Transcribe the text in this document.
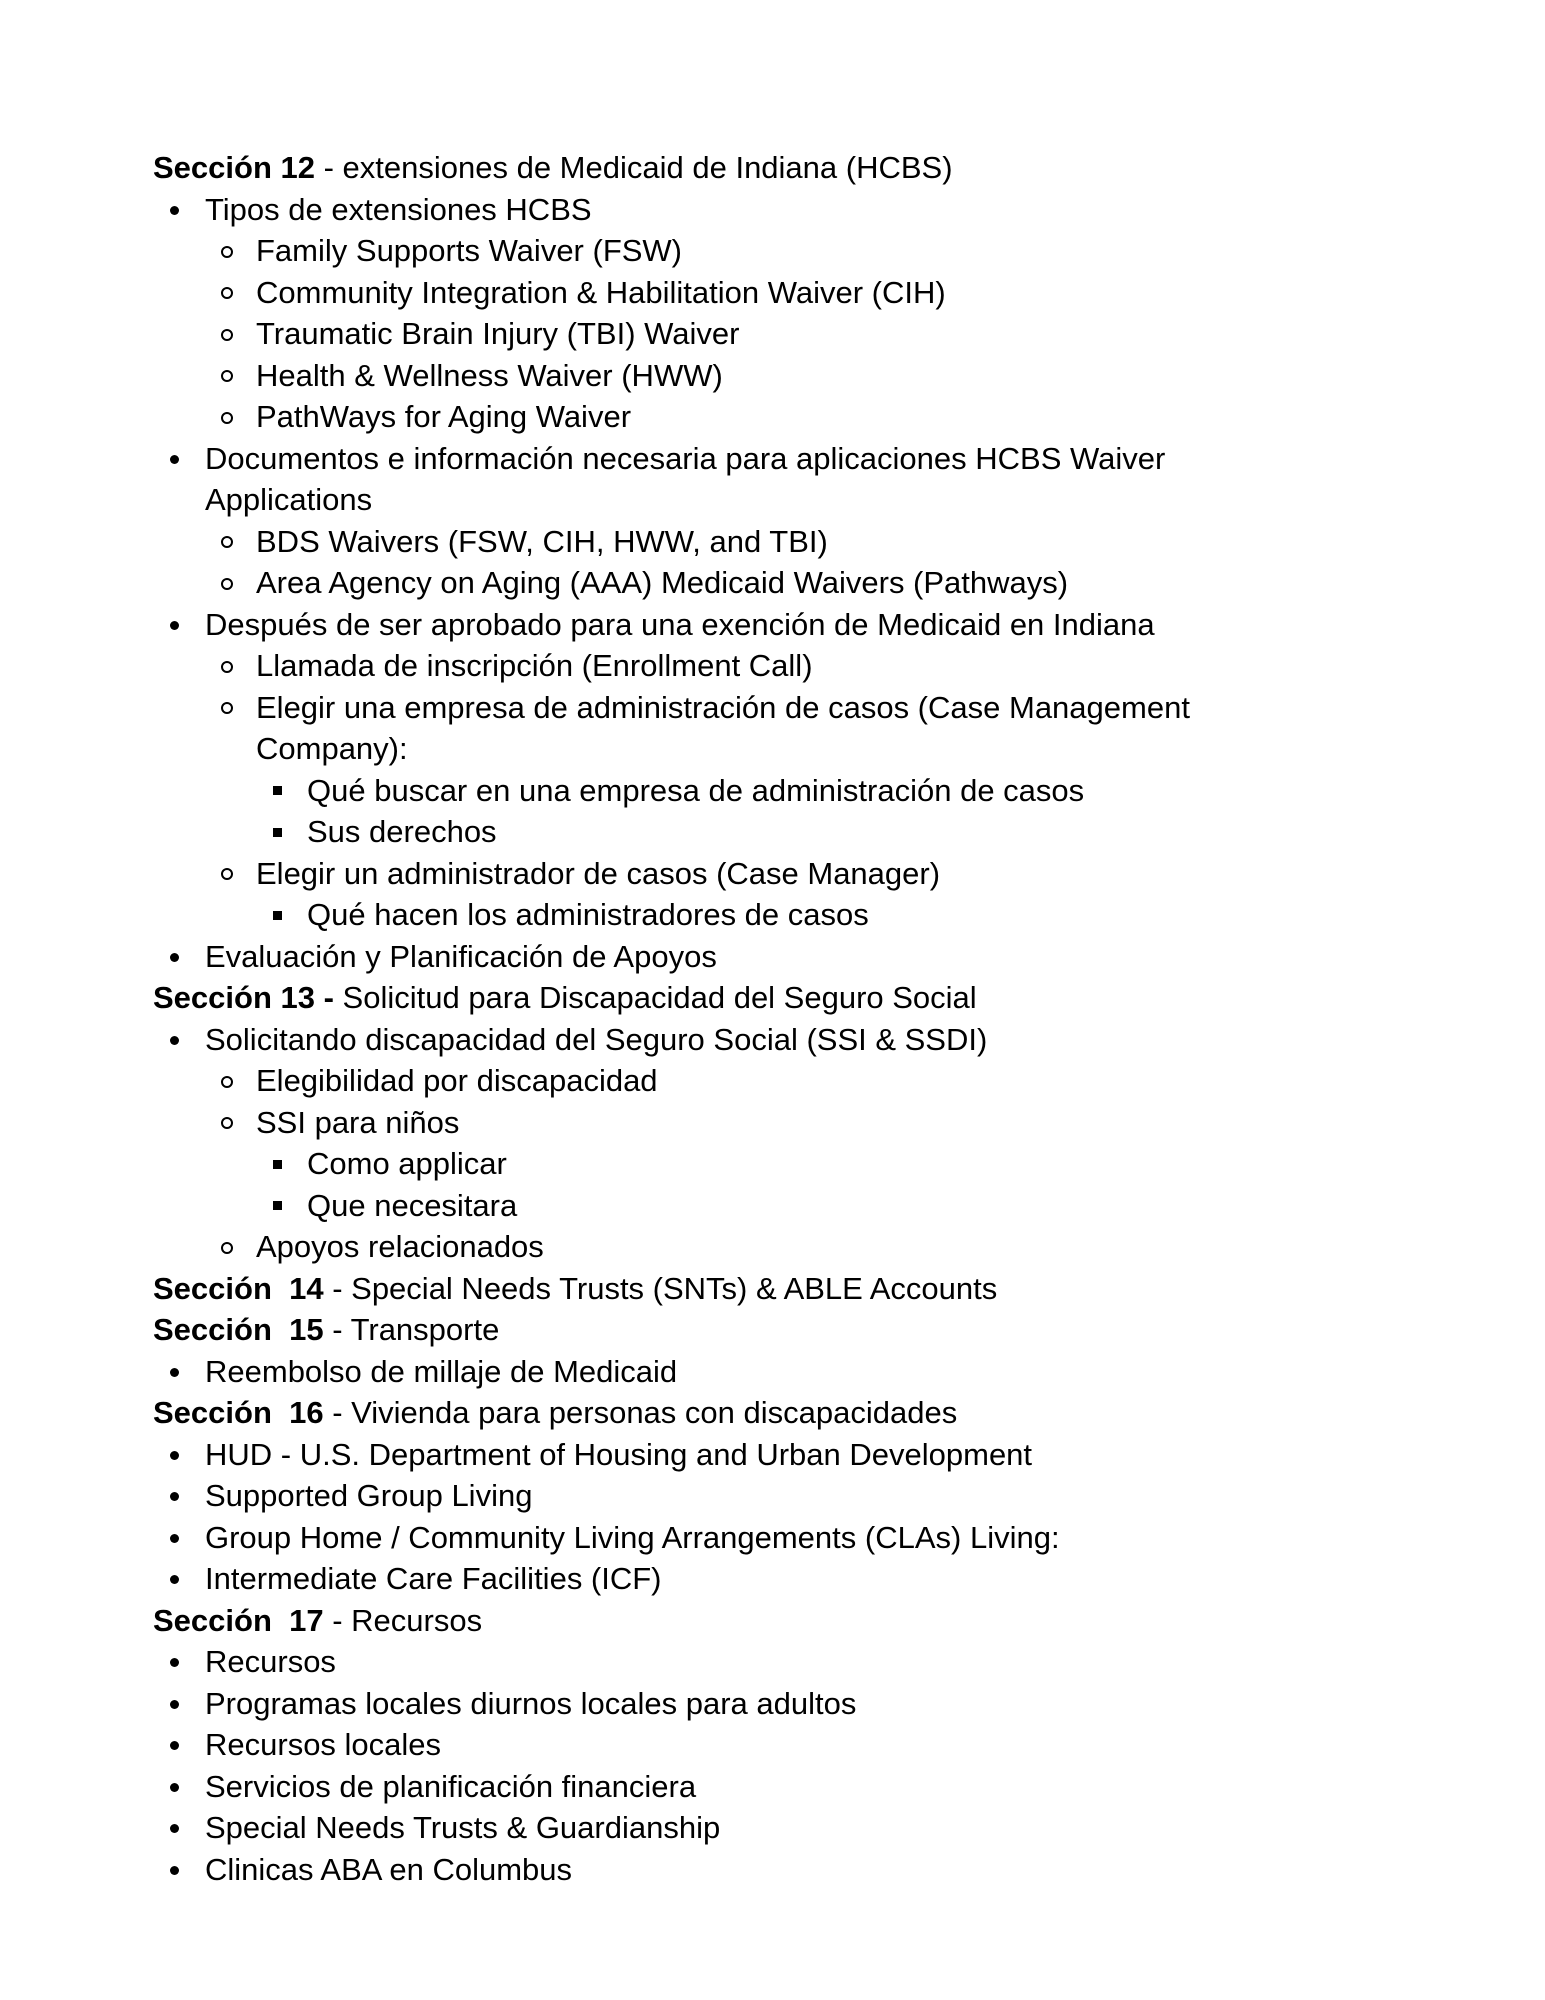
Sección 12 - extensiones de Medicaid de Indiana (HCBS)
Tipos de extensiones HCBS
Family Supports Waiver (FSW)
Community Integration & Habilitation Waiver (CIH)
Traumatic Brain Injury (TBI) Waiver
Health & Wellness Waiver (HWW)
PathWays for Aging Waiver
Documentos e información necesaria para aplicaciones HCBS Waiver
Applications
BDS Waivers (FSW, CIH, HWW, and TBI)
Area Agency on Aging (AAA) Medicaid Waivers (Pathways)
Después de ser aprobado para una exención de Medicaid en Indiana
Llamada de inscripción (Enrollment Call)
Elegir una empresa de administración de casos (Case Management
Company):
Qué buscar en una empresa de administración de casos
Sus derechos
Elegir un administrador de casos (Case Manager)
Qué hacen los administradores de casos
Evaluación y Planificación de Apoyos
Sección 13 - Solicitud para Discapacidad del Seguro Social
Solicitando discapacidad del Seguro Social (SSI & SSDI)
Elegibilidad por discapacidad
SSI para niños
Como applicar
Que necesitara
Apoyos relacionados
Sección  14 - Special Needs Trusts (SNTs) & ABLE Accounts
Sección  15 - Transporte
Reembolso de millaje de Medicaid
Sección  16 - Vivienda para personas con discapacidades
HUD - U.S. Department of Housing and Urban Development
Supported Group Living
Group Home / Community Living Arrangements (CLAs) Living:
Intermediate Care Facilities (ICF)
Sección  17 - Recursos
Recursos
Programas locales diurnos locales para adultos
Recursos locales
Servicios de planificación financiera
Special Needs Trusts & Guardianship
Clinicas ABA en Columbus
